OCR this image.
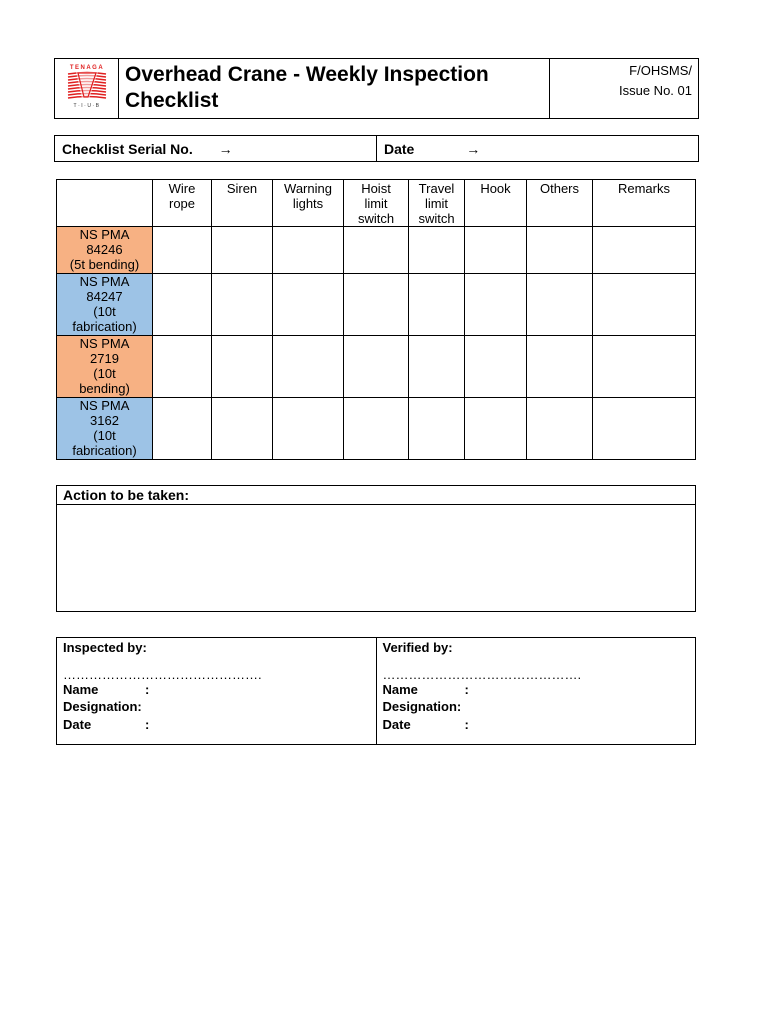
TENAGA
T·I·U·B

Overhead Crane - Weekly Inspection
Checklist

F/OHSMS/
Issue No. 01
Checklist Serial No. →	Date	→

	Wire rope	Siren	Warning lights	Hoist limit switch	Travel limit switch	Hook	Others	Remarks

NS PMA
84246
(5t bending)								

NS PMA
84247
(10t
fabrication)								

NS PMA
2719
(10t
bending)								

NS PMA
3162
(10t
fabrication)								

Action to be taken:

Inspected by:
……………………………………….
Name	:
Designation:
Date	:

Verified by:
……………………………………….
Name	:
Designation:
Date	:
